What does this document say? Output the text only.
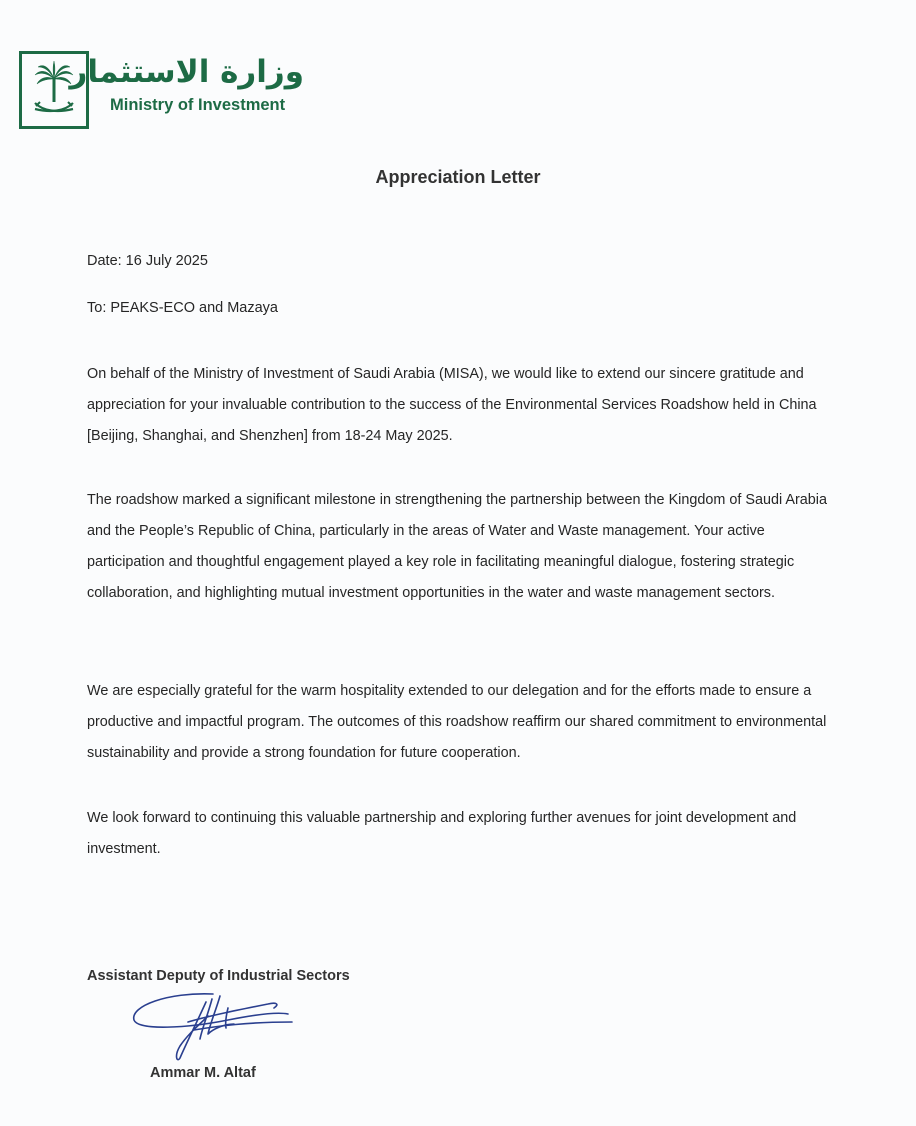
وزارة الاستثمار
Ministry of Investment
Appreciation Letter
Date: 16 July 2025
To: PEAKS-ECO and Mazaya
On behalf of the Ministry of Investment of Saudi Arabia (MISA), we would like to extend our sincere gratitude and appreciation for your invaluable contribution to the success of the Environmental Services Roadshow held in China [Beijing, Shanghai, and Shenzhen] from 18-24 May 2025.
The roadshow marked a significant milestone in strengthening the partnership between the Kingdom of Saudi Arabia and the People’s Republic of China, particularly in the areas of Water and Waste management. Your active participation and thoughtful engagement played a key role in facilitating meaningful dialogue, fostering strategic collaboration, and highlighting mutual investment opportunities in the water and waste management sectors.
We are especially grateful for the warm hospitality extended to our delegation and for the efforts made to ensure a productive and impactful program. The outcomes of this roadshow reaffirm our shared commitment to environmental sustainability and provide a strong foundation for future cooperation.
We look forward to continuing this valuable partnership and exploring further avenues for joint development and investment.
Assistant Deputy of Industrial Sectors
Ammar M. Altaf
